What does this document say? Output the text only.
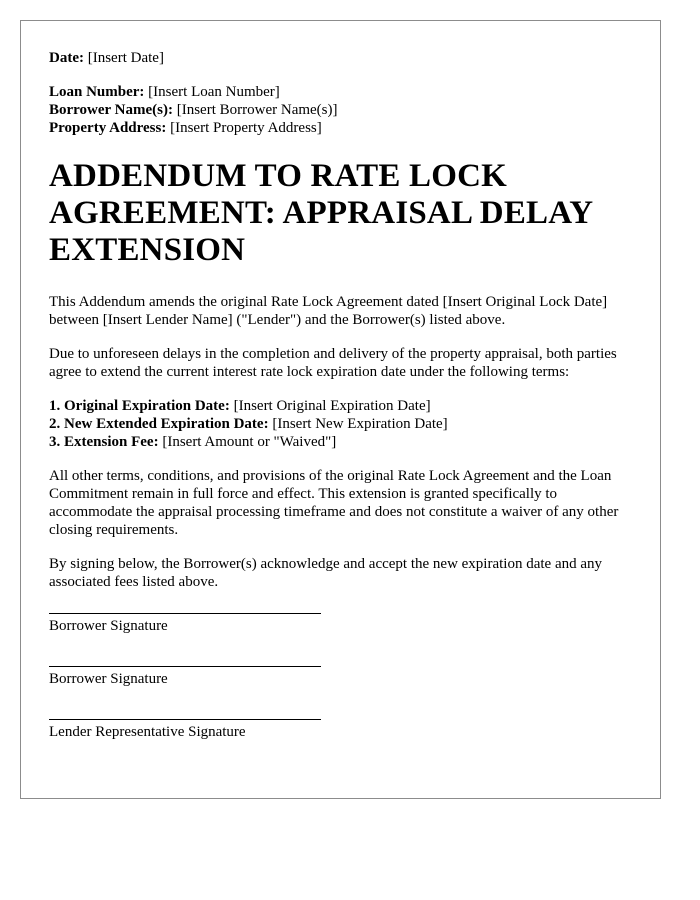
Date: [Insert Date]

Loan Number: [Insert Loan Number]

Borrower Name(s): [Insert Borrower Name(s)]

Property Address: [Insert Property Address]

ADDENDUM TO RATE LOCK AGREEMENT: APPRAISAL DELAY EXTENSION

This Addendum amends the original Rate Lock Agreement dated [Insert Original Lock Date] between [Insert Lender Name] ("Lender") and the Borrower(s) listed above.

Due to unforeseen delays in the completion and delivery of the property appraisal, both parties agree to extend the current interest rate lock expiration date under the following terms:

1. Original Expiration Date: [Insert Original Expiration Date]

2. New Extended Expiration Date: [Insert New Expiration Date]

3. Extension Fee: [Insert Amount or "Waived"]

All other terms, conditions, and provisions of the original Rate Lock Agreement and the Loan Commitment remain in full force and effect. This extension is granted specifically to accommodate the appraisal processing timeframe and does not constitute a waiver of any other closing requirements.

By signing below, the Borrower(s) acknowledge and accept the new expiration date and any associated fees listed above.

Borrower Signature
Borrower Signature
Lender Representative Signature
